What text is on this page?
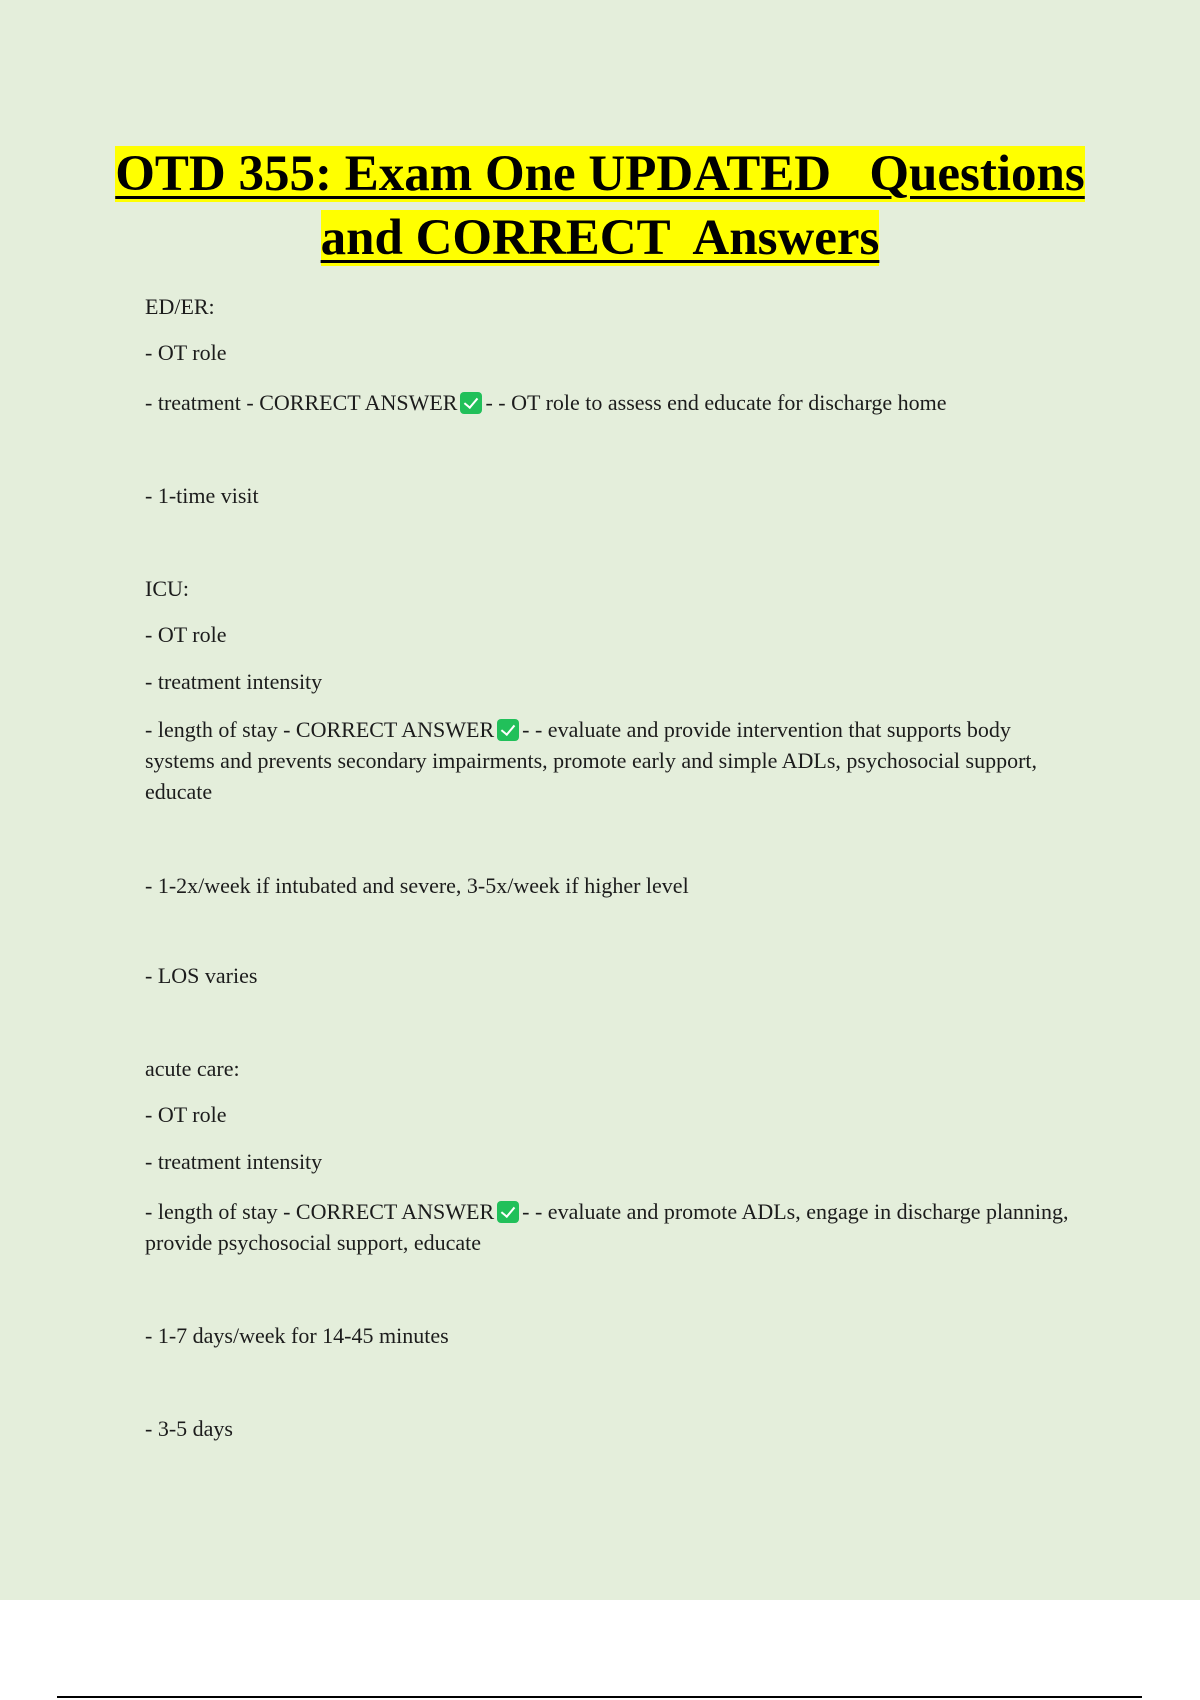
OTD 355: Exam One UPDATED   Questions
and CORRECT  Answers

ED/ER:

- OT role

- treatment - CORRECT ANSWER - - OT role to assess end educate for discharge home

- 1-time visit

ICU:

- OT role

- treatment intensity

- length of stay - CORRECT ANSWER - - evaluate and provide intervention that supports body systems and prevents secondary impairments, promote early and simple ADLs, psychosocial support, educate

- 1-2x/week if intubated and severe, 3-5x/week if higher level

- LOS varies

acute care:

- OT role

- treatment intensity

- length of stay - CORRECT ANSWER - - evaluate and promote ADLs, engage in discharge planning, provide psychosocial support, educate

- 1-7 days/week for 14-45 minutes

- 3-5 days
